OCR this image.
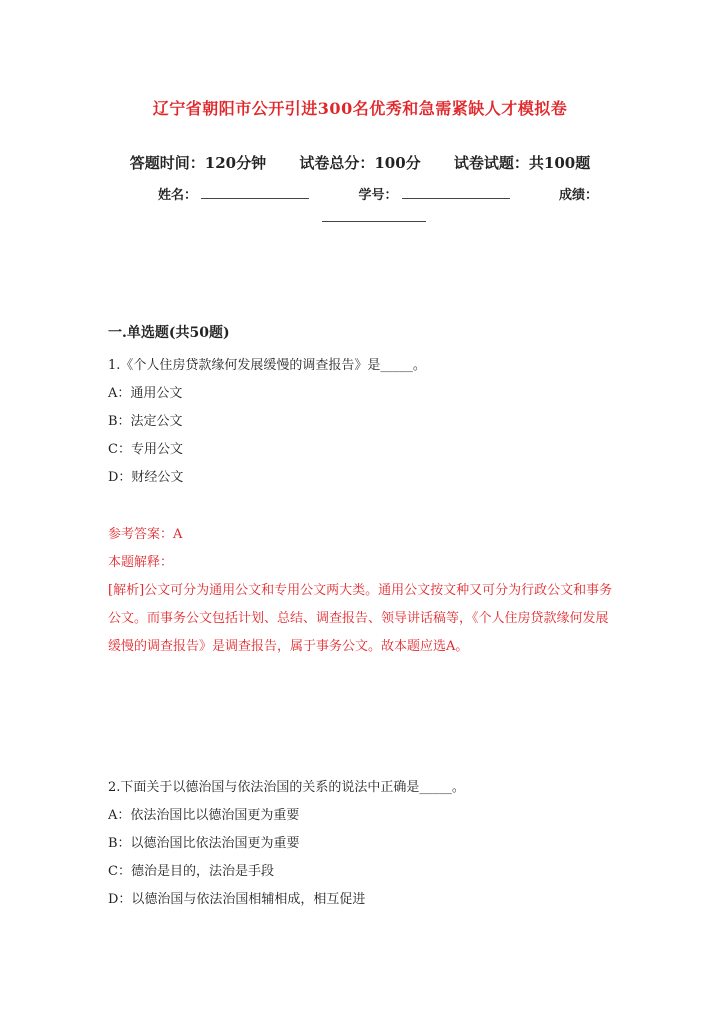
辽宁省朝阳市公开引进300名优秀和急需紧缺人才模拟卷
答题时间：120分钟 试卷总分：100分 试卷试题：共100题
姓名：	学号：	成绩：
一.单选题(共50题)

1.《个人住房贷款缘何发展缓慢的调查报告》是_____。

A：通用公文

B：法定公文

C：专用公文

D：财经公文

参考答案：A

本题解释：

[解析]公文可分为通用公文和专用公文两大类。通用公文按文种又可分为行政公文和事务公文。而事务公文包括计划、总结、调查报告、领导讲话稿等，《个人住房贷款缘何发展缓慢的调查报告》是调查报告，属于事务公文。故本题应选A。

2.下面关于以德治国与依法治国的关系的说法中正确是_____。

A：依法治国比以德治国更为重要

B：以德治国比依法治国更为重要

C：德治是目的，法治是手段

D：以德治国与依法治国相辅相成，相互促进
